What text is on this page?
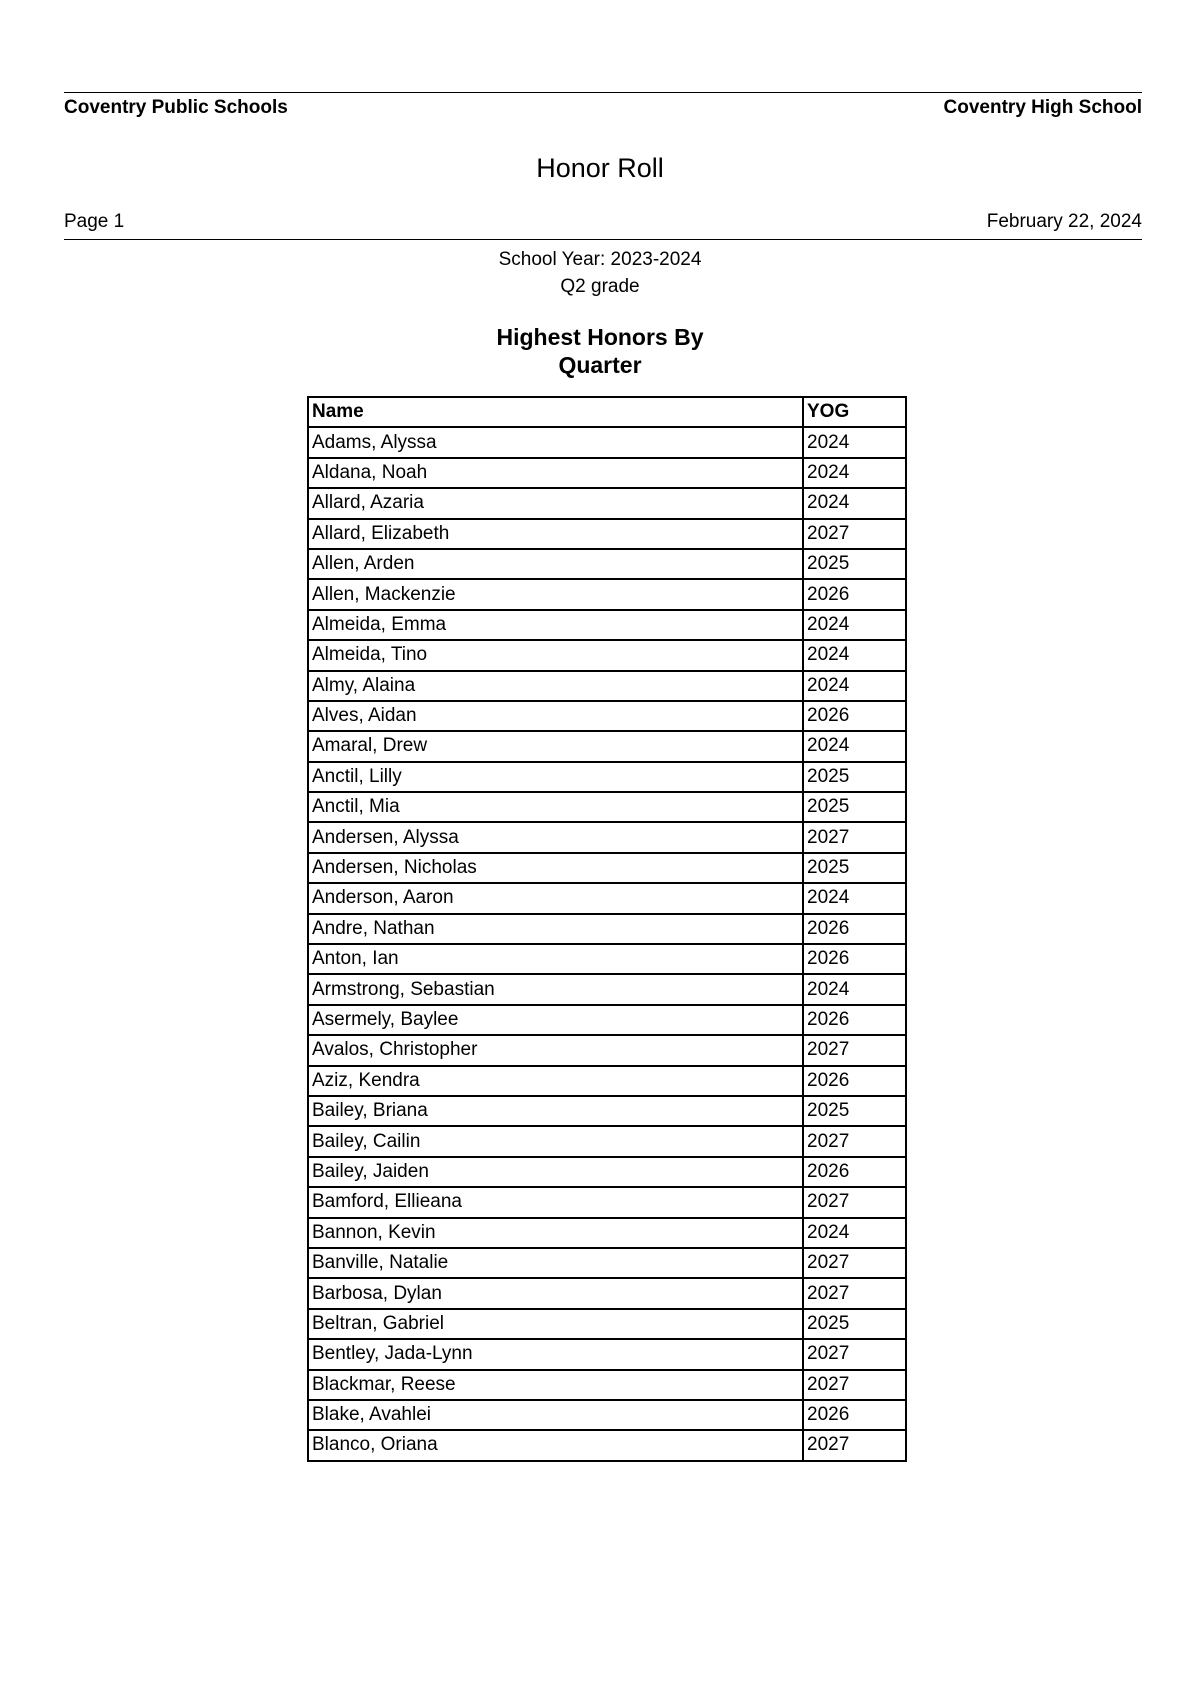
Coventry Public Schools	Coventry High School
Honor Roll
Page 1	February 22, 2024
School Year: 2023-2024
Q2 grade
Highest Honors By
Quarter
Name	YOG
Adams, Alyssa	2024
Aldana, Noah	2024
Allard, Azaria	2024
Allard, Elizabeth	2027
Allen, Arden	2025
Allen, Mackenzie	2026
Almeida, Emma	2024
Almeida, Tino	2024
Almy, Alaina	2024
Alves, Aidan	2026
Amaral, Drew	2024
Anctil, Lilly	2025
Anctil, Mia	2025
Andersen, Alyssa	2027
Andersen, Nicholas	2025
Anderson, Aaron	2024
Andre, Nathan	2026
Anton, Ian	2026
Armstrong, Sebastian	2024
Asermely, Baylee	2026
Avalos, Christopher	2027
Aziz, Kendra	2026
Bailey, Briana	2025
Bailey, Cailin	2027
Bailey, Jaiden	2026
Bamford, Ellieana	2027
Bannon, Kevin	2024
Banville, Natalie	2027
Barbosa, Dylan	2027
Beltran, Gabriel	2025
Bentley, Jada-Lynn	2027
Blackmar, Reese	2027
Blake, Avahlei	2026
Blanco, Oriana	2027
